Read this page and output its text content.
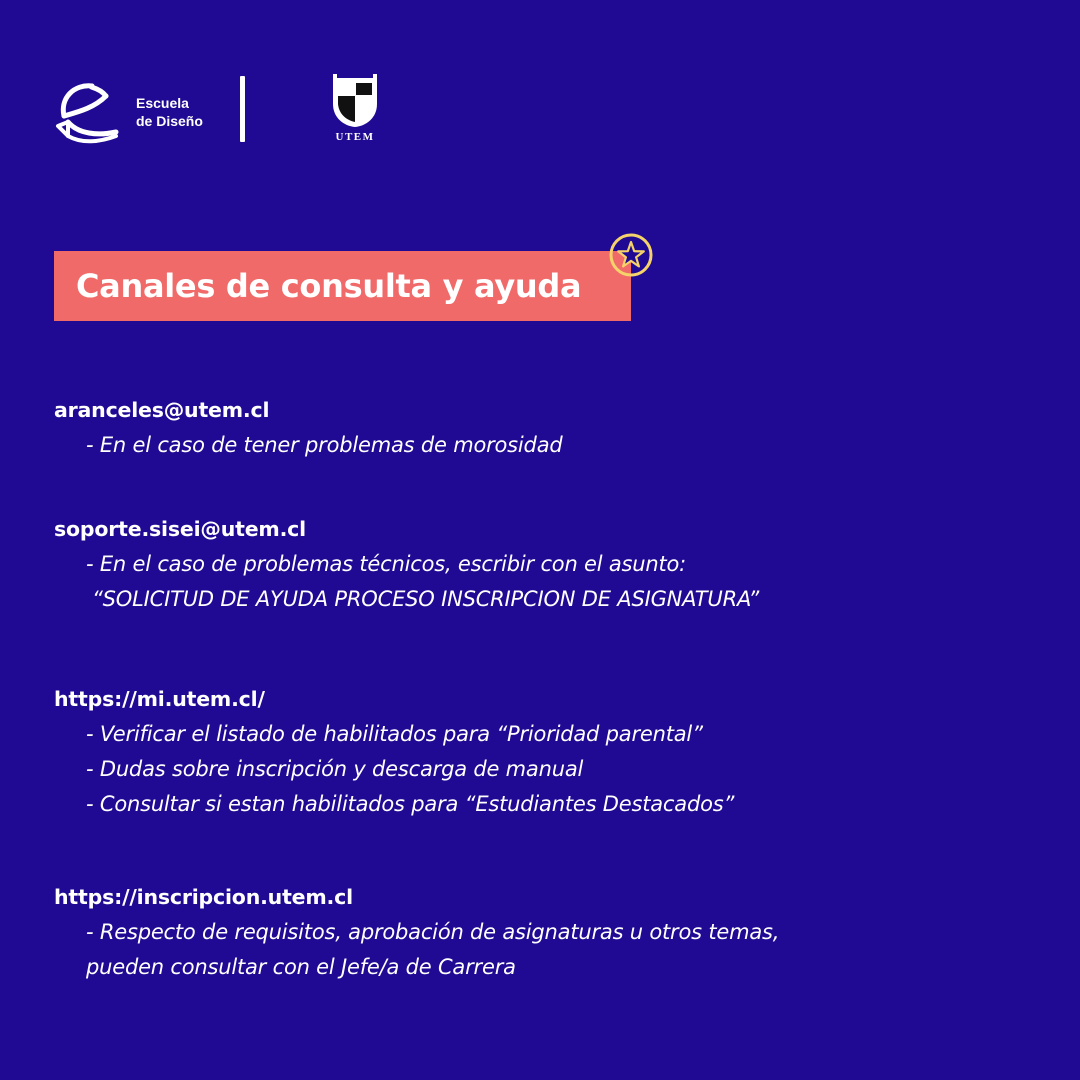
Escuela
de Diseño
UTEM
Canales de consulta y ayuda
aranceles@utem.cl
- En el caso de tener problemas de morosidad
soporte.sisei@utem.cl
- En el caso de problemas técnicos, escribir con el asunto:
“SOLICITUD DE AYUDA PROCESO INSCRIPCION DE ASIGNATURA”
https://mi.utem.cl/
- Verificar el listado de habilitados para “Prioridad parental”
- Dudas sobre inscripción y descarga de manual
- Consultar si estan habilitados para “Estudiantes Destacados”
https://inscripcion.utem.cl
- Respecto de requisitos, aprobación de asignaturas u otros temas,
pueden consultar con el Jefe/a de Carrera
